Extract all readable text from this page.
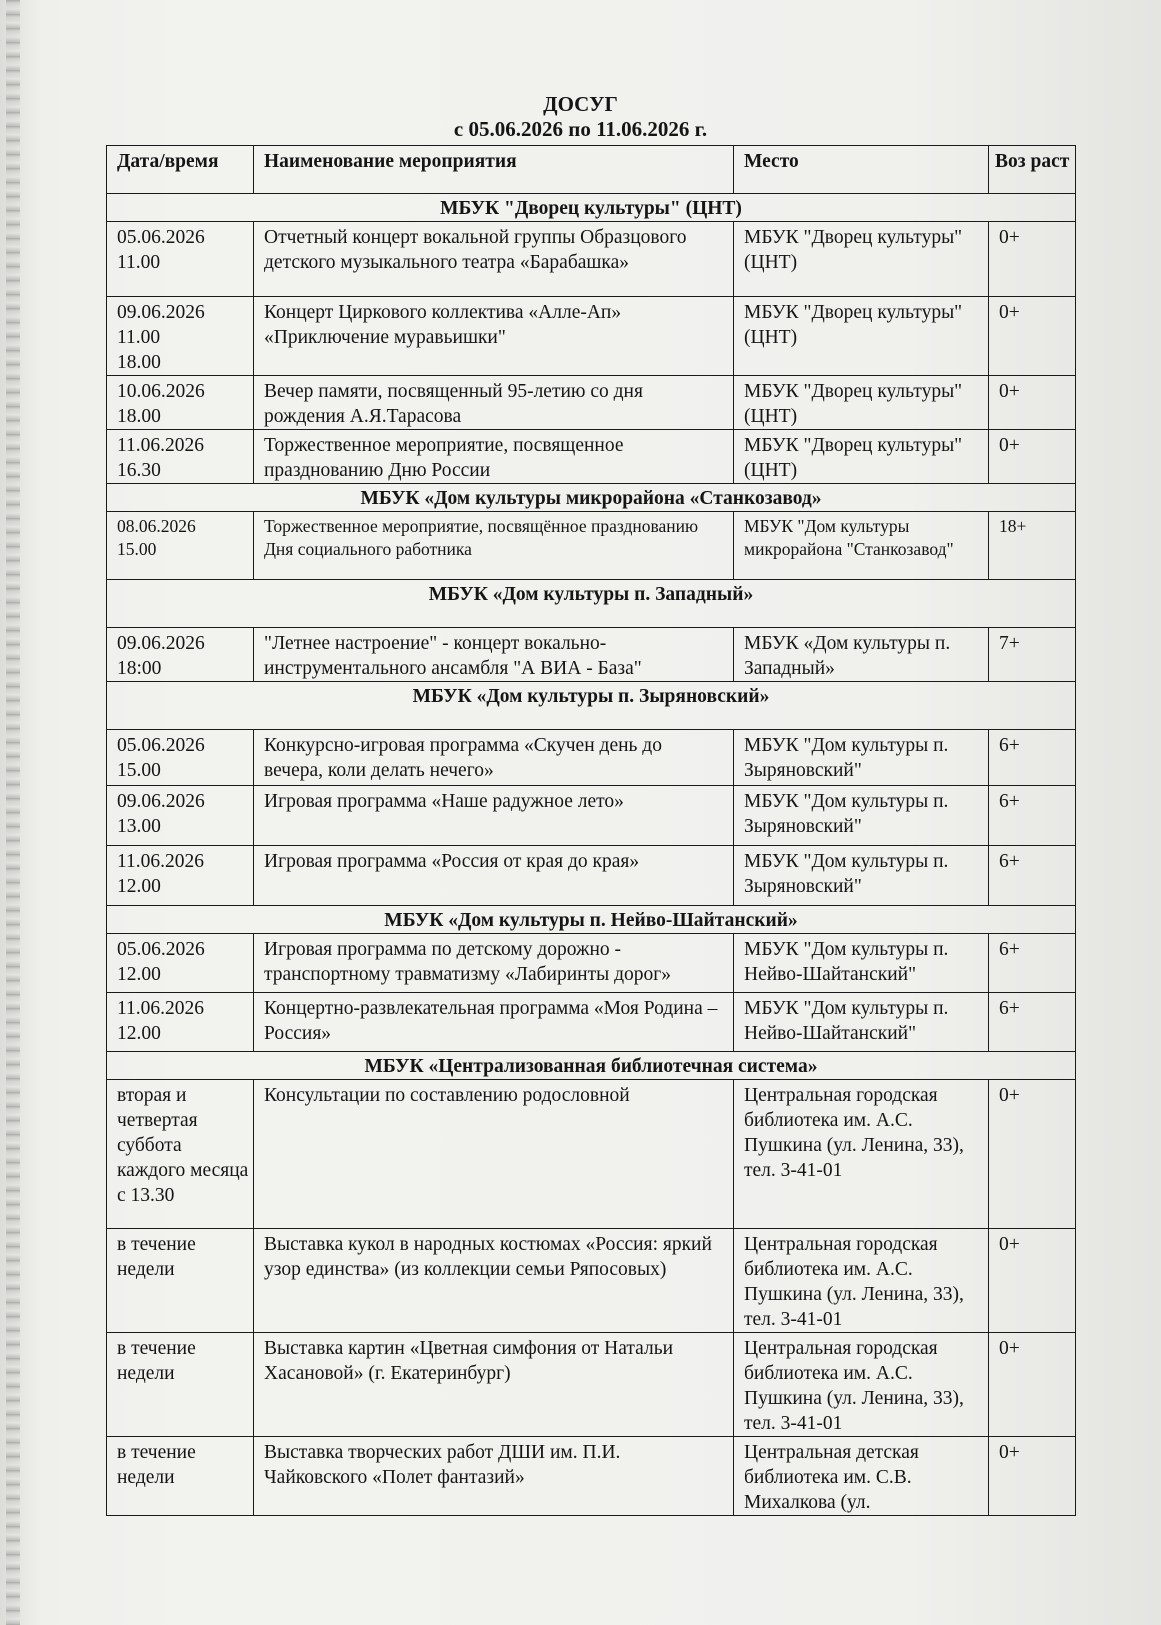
ДОСУГ
с 05.06.2026 по 11.06.2026 г.
Дата/время	Наименование мероприятия	Место	Воз раст
МБУК "Дворец культуры" (ЦНТ)			
05.06.2026
11.00	Отчетный концерт вокальной группы Образцового детского музыкального театра «Барабашка»	МБУК "Дворец культуры" (ЦНТ)	0+
09.06.2026
11.00
18.00	Концерт Циркового коллектива «Алле-Ап» «Приключение муравьишки"	МБУК "Дворец культуры" (ЦНТ)	0+
10.06.2026
18.00	Вечер памяти, посвященный 95-летию со дня рождения А.Я.Тарасова	МБУК "Дворец культуры" (ЦНТ)	0+
11.06.2026
16.30	Торжественное мероприятие, посвященное празднованию Дню России	МБУК "Дворец культуры" (ЦНТ)	0+
МБУК «Дом культуры микрорайона «Станкозавод»			
08.06.2026
15.00	Торжественное мероприятие, посвящённое празднованию Дня социального работника	МБУК "Дом культуры микрорайона "Станкозавод"	18+
МБУК «Дом культуры п. Западный»			
09.06.2026
18:00	"Летнее настроение" - концерт вокально-инструментального ансамбля "А ВИА - База"	МБУК «Дом культуры п. Западный»	7+
МБУК «Дом культуры п. Зыряновский»			
05.06.2026
15.00	Конкурсно-игровая программа «Скучен день до вечера, коли делать нечего»	МБУК "Дом культуры п. Зыряновский"	6+
09.06.2026
13.00	Игровая программа «Наше радужное лето»	МБУК "Дом культуры п. Зыряновский"	6+
11.06.2026
12.00	Игровая программа «Россия от края до края»	МБУК "Дом культуры п. Зыряновский"	6+
МБУК «Дом культуры п. Нейво-Шайтанский»			
05.06.2026
12.00	Игровая программа по детскому дорожно - транспортному травматизму «Лабиринты дорог»	МБУК "Дом культуры п. Нейво-Шайтанский"	6+
11.06.2026
12.00	Концертно-развлекательная программа «Моя Родина – Россия»	МБУК "Дом культуры п. Нейво-Шайтанский"	6+
МБУК «Централизованная библиотечная система»			
вторая и четвертая суббота каждого месяца с 13.30	Консультации по составлению родословной	Центральная городская библиотека им. А.С. Пушкина (ул. Ленина, 33), тел. 3-41-01	0+
в течение недели	Выставка кукол в народных костюмах «Россия: яркий узор единства» (из коллекции семьи Ряпосовых)	Центральная городская библиотека им. А.С. Пушкина (ул. Ленина, 33), тел. 3-41-01	0+
в течение недели	Выставка картин «Цветная симфония от Натальи Хасановой» (г. Екатеринбург)	Центральная городская библиотека им. А.С. Пушкина (ул. Ленина, 33), тел. 3-41-01	0+
в течение недели	Выставка творческих работ ДШИ им. П.И. Чайковского «Полет фантазий»	Центральная детская библиотека им. С.В. Михалкова (ул.	0+
